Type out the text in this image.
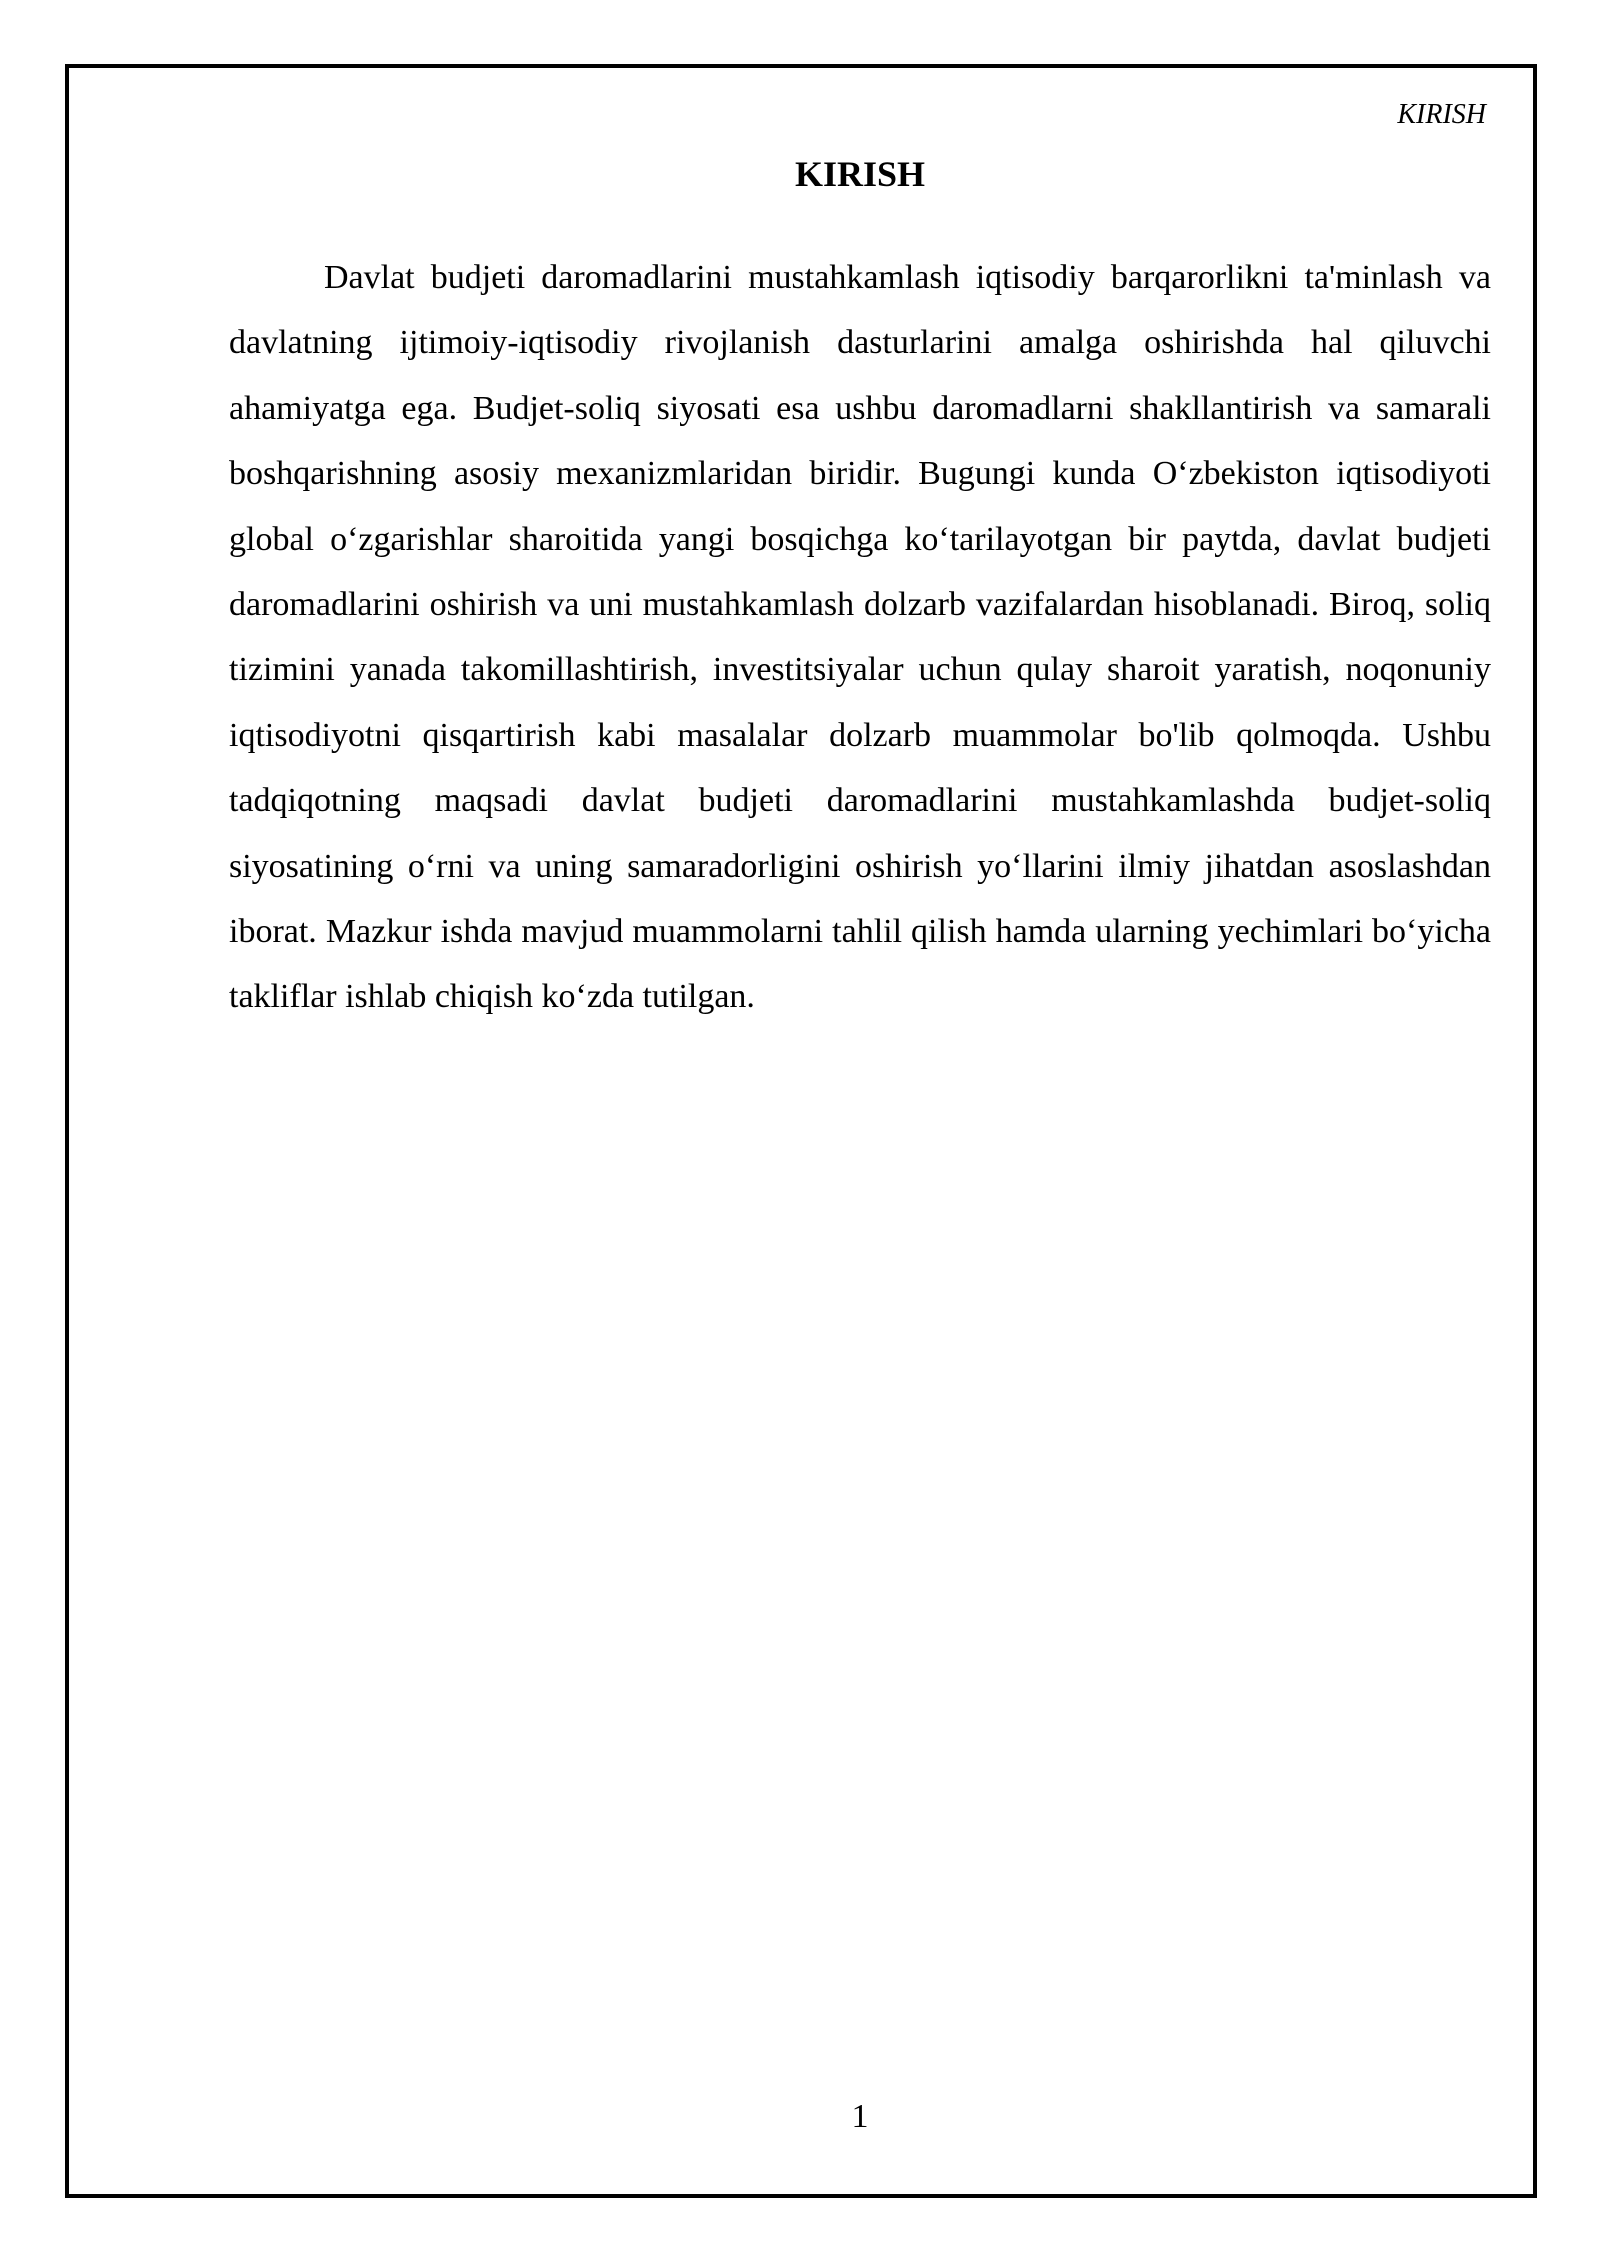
KIRISH
KIRISH

Davlat budjeti daromadlarini mustahkamlash iqtisodiy barqarorlikni ta'minlash va davlatning ijtimoiy-iqtisodiy rivojlanish dasturlarini amalga oshirishda hal qiluvchi ahamiyatga ega. Budjet-soliq siyosati esa ushbu daromadlarni shakllantirish va samarali boshqarishning asosiy mexanizmlaridan biridir. Bugungi kunda O‘zbekiston iqtisodiyoti global o‘zgarishlar sharoitida yangi bosqichga ko‘tarilayotgan bir paytda, davlat budjeti daromadlarini oshirish va uni mustahkamlash dolzarb vazifalardan hisoblanadi. Biroq, soliq tizimini yanada takomillashtirish, investitsiyalar uchun qulay sharoit yaratish, noqonuniy iqtisodiyotni qisqartirish kabi masalalar dolzarb muammolar bo'lib qolmoqda. Ushbu tadqiqotning maqsadi davlat budjeti daromadlarini mustahkamlashda budjet-soliq siyosatining o‘rni va uning samaradorligini oshirish yo‘llarini ilmiy jihatdan asoslashdan iborat. Mazkur ishda mavjud muammolarni tahlil qilish hamda ularning yechimlari bo‘yicha takliflar ishlab chiqish ko‘zda tutilgan.

1
